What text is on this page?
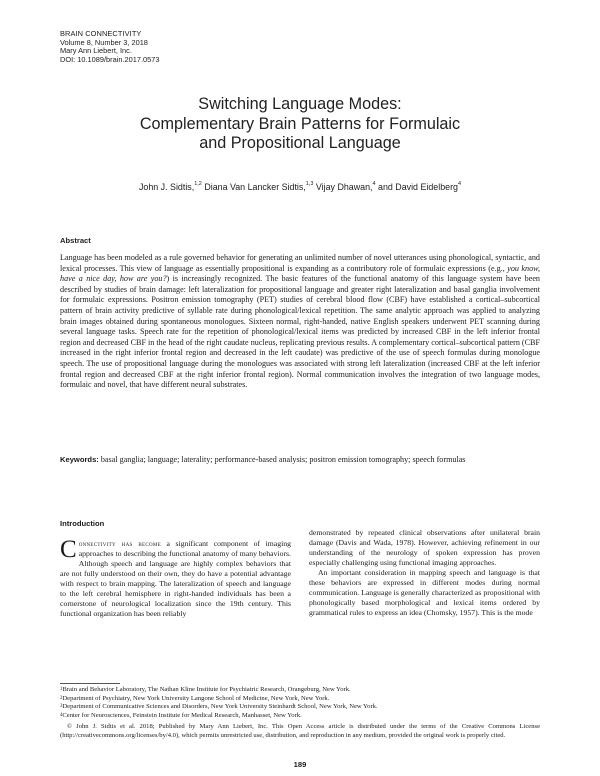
BRAIN CONNECTIVITY
Volume 8, Number 3, 2018
Mary Ann Liebert, Inc.
DOI: 10.1089/brain.2017.0573
Switching Language Modes:
Complementary Brain Patterns for Formulaic
and Propositional Language
John J. Sidtis,$^{1,2}$ Diana Van Lancker Sidtis,$^{1,3}$ Vijay Dhawan,$^4$ and David Eidelberg$^4$
Abstract
Language has been modeled as a rule governed behavior for generating an unlimited number of novel utterances using phonological, syntactic, and lexical processes. This view of language as essentially propositional is expanding as a contributory role of formulaic expressions (e.g., you know, have a nice day, how are you?) is increasingly recognized. The basic features of the functional anatomy of this language system have been described by studies of brain damage: left lateralization for propositional language and greater right lateralization and basal ganglia involvement for formulaic expressions. Positron emission tomography (PET) studies of cerebral blood flow (CBF) have established a cortical–subcortical pattern of brain activity predictive of syllable rate during phonological/lexical repetition. The same analytic approach was applied to analyzing brain images obtained during spontaneous monologues. Sixteen normal, right-handed, native English speakers underwent PET scanning during several language tasks. Speech rate for the repetition of phonological/lexical items was predicted by increased CBF in the left inferior frontal region and decreased CBF in the head of the right caudate nucleus, replicating previous results. A complementary cortical–subcortical pattern (CBF increased in the right inferior frontal region and decreased in the left caudate) was predictive of the use of speech formulas during monologue speech. The use of propositional language during the monologues was associated with strong left lateralization (increased CBF at the left inferior frontal region and decreased CBF at the right inferior frontal region). Normal communication involves the integration of two language modes, formulaic and novel, that have different neural substrates.
Keywords: basal ganglia; language; laterality; performance-based analysis; positron emission tomography; speech formulas
Introduction

Connectivity has become a significant component of imaging approaches to describing the functional anatomy of many behaviors. Although speech and language are highly complex behaviors that are not fully understood on their own, they do have a potential advantage with respect to brain mapping. The lateralization of speech and language to the left cerebral hemisphere in right-handed individuals has been a cornerstone of neurological localization since the 19th century. This functional organization has been reliably

demonstrated by repeated clinical observations after unilateral brain damage (Davis and Wada, 1978). However, achieving refinement in our understanding of the neurology of spoken expression has proven especially challenging using functional imaging approaches.

An important consideration in mapping speech and language is that these behaviors are expressed in different modes during normal communication. Language is generally characterized as propositional with phonologically based morphological and lexical items ordered by grammatical rules to express an idea (Chomsky, 1957). This is the mode

$^1$Brain and Behavior Laboratory, The Nathan Kline Institute for Psychiatric Research, Orangeburg, New York.
$^2$Department of Psychiatry, New York University Langone School of Medicine, New York, New York.
$^3$Department of Communicative Sciences and Disorders, New York University Steinhardt School, New York, New York.
$^4$Center for Neurosciences, Feinstein Institute for Medical Research, Manhasset, New York.
© John J. Sidtis et al. 2018; Published by Mary Ann Liebert, Inc. This Open Access article is distributed under the terms of the Creative Commons License (http://creativecommons.org/licenses/by/4.0), which permits unrestricted use, distribution, and reproduction in any medium, provided the original work is properly cited.
189
